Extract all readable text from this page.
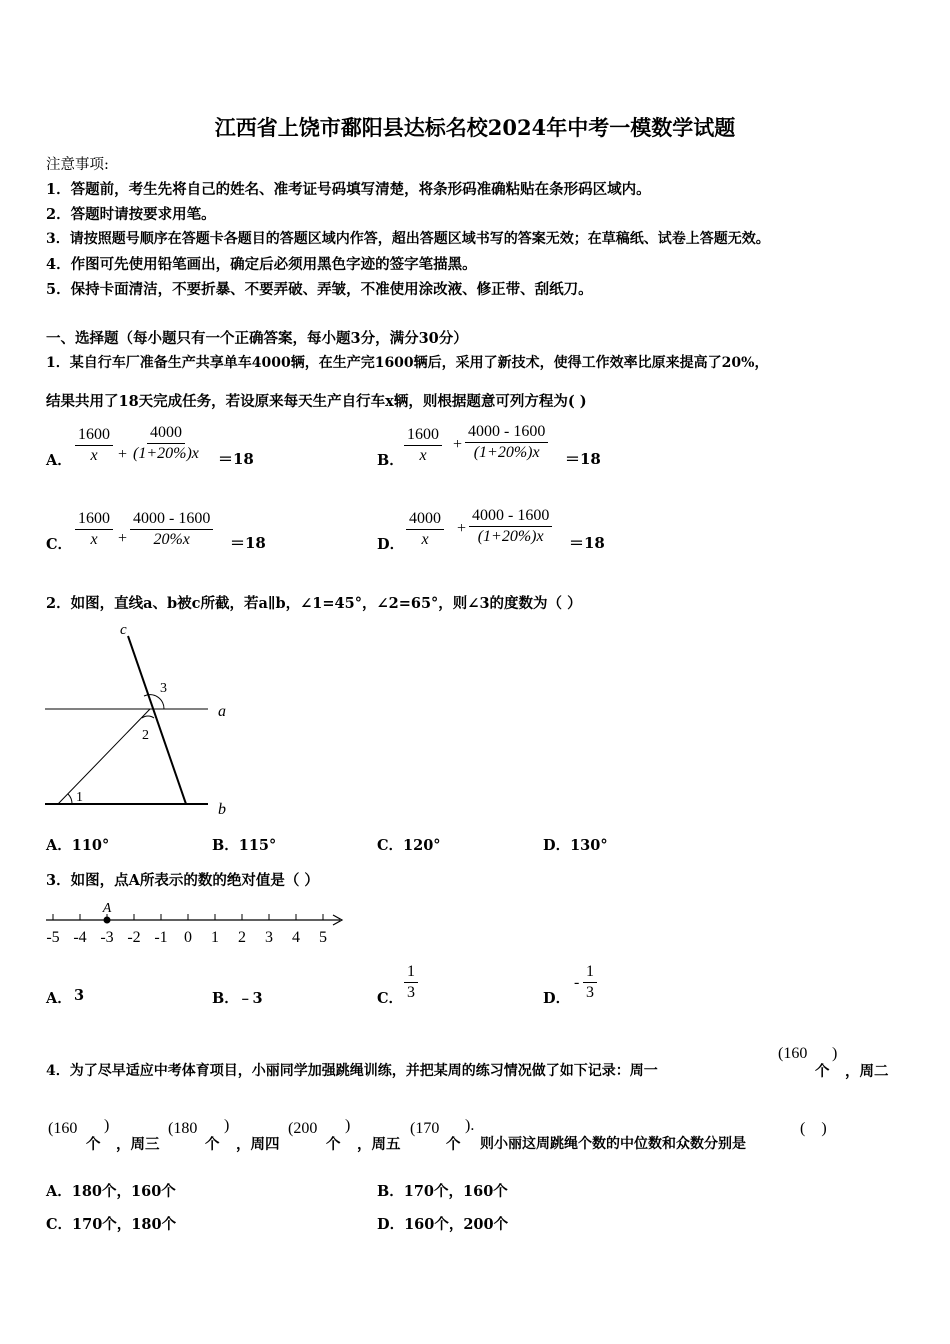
江西省上饶市鄱阳县达标名校2024年中考一模数学试题
注意事项:
1．答题前，考生先将自己的姓名、准考证号码填写清楚，将条形码准确粘贴在条形码区域内。
2．答题时请按要求用笔。
3．请按照题号顺序在答题卡各题目的答题区域内作答，超出答题区域书写的答案无效；在草稿纸、试卷上答题无效。
4．作图可先使用铅笔画出，确定后必须用黑色字迹的签字笔描黑。
5．保持卡面清洁，不要折暴、不要弄破、弄皱，不准使用涂改液、修正带、刮纸刀。
一、选择题（每小题只有一个正确答案，每小题3分，满分30分）
1．某自行车厂准备生产共享单车4000辆，在生产完1600辆后，采用了新技术，使得工作效率比原来提高了20%，
结果共用了18天完成任务，若设原来每天生产自行车x辆，则根据题意可列方程为( )
A． $\frac{1600}{x} + \frac{4000}{(1+20\%)x} =18$	B． $\frac{1600}{x} + \frac{4000 - 1600}{(1+20\%)x} =18$
C． $\frac{1600}{x} + \frac{4000 - 1600}{20\%x} =18$	D． $\frac{4000}{x} + \frac{4000 - 1600}{(1+20\%)x} =18$
2．如图，直线a、b被c所截，若a∥b，∠1=45°，∠2=65°，则∠3的度数为（ ）
c
a
b
3
2
1
A．110°	B．115°	C．120°	D．130°
3．如图，点A所表示的数的绝对值是（ ）
-5 -4 -3 -2 -1 0 1 2 3 4 5
A
A． 3	B． ﹣3	C． $\frac{1}{3}$	D．
- $\frac{1}{3}$
4．为了尽早适应中考体育项目，小丽同学加强跳绳训练，并把某周的练习情况做了如下记录：周一
(160
个
)
，周二
(160
个
)
，周三
(180
个
)
，周四
(200
个
)
，周五
(170
个
).
则小丽这周跳绳个数的中位数和众数分别是
(    )
A．180个，160个	B．170个，160个
C．170个，180个	D．160个，200个
